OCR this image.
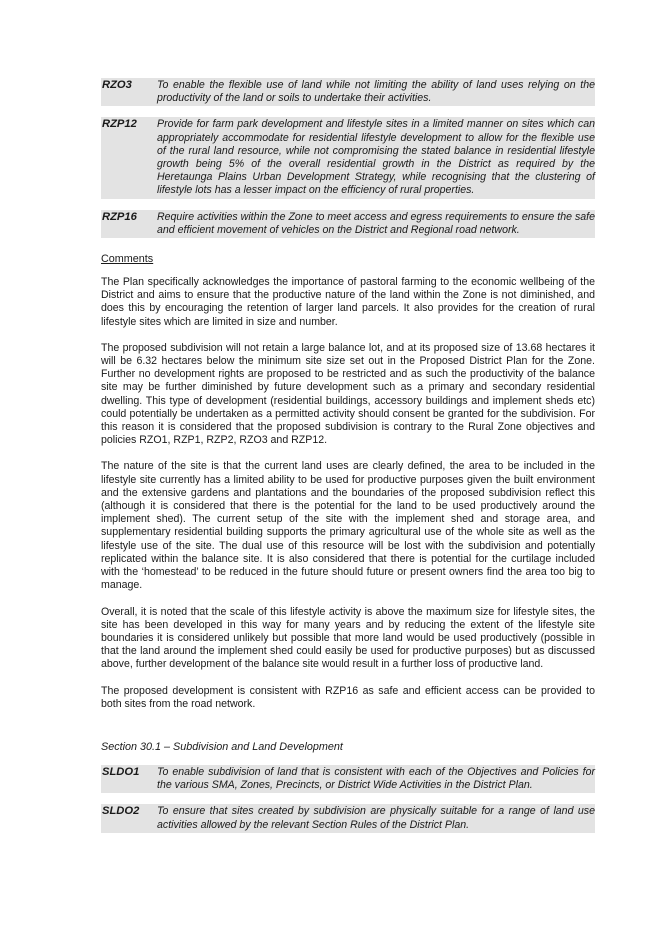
RZO3	To enable the flexible use of land while not limiting the ability of land uses relying on the productivity of the land or soils to undertake their activities.
RZP12	Provide for farm park development and lifestyle sites in a limited manner on sites which can appropriately accommodate for residential lifestyle development to allow for the flexible use of the rural land resource, while not compromising the stated balance in residential lifestyle growth being 5% of the overall residential growth in the District as required by the Heretaunga Plains Urban Development Strategy, while recognising that the clustering of lifestyle lots has a lesser impact on the efficiency of rural properties.
RZP16	Require activities within the Zone to meet access and egress requirements to ensure the safe and efficient movement of vehicles on the District and Regional road network.
Comments

The Plan specifically acknowledges the importance of pastoral farming to the economic wellbeing of the District and aims to ensure that the productive nature of the land within the Zone is not diminished, and does this by encouraging the retention of larger land parcels. It also provides for the creation of rural lifestyle sites which are limited in size and number.

The proposed subdivision will not retain a large balance lot, and at its proposed size of 13.68 hectares it will be 6.32 hectares below the minimum site size set out in the Proposed District Plan for the Zone. Further no development rights are proposed to be restricted and as such the productivity of the balance site may be further diminished by future development such as a primary and secondary residential dwelling. This type of development (residential buildings, accessory buildings and implement sheds etc) could potentially be undertaken as a permitted activity should consent be granted for the subdivision. For this reason it is considered that the proposed subdivision is contrary to the Rural Zone objectives and policies RZO1, RZP1, RZP2, RZO3 and RZP12.

The nature of the site is that the current land uses are clearly defined, the area to be included in the lifestyle site currently has a limited ability to be used for productive purposes given the built environment and the extensive gardens and plantations and the boundaries of the proposed subdivision reflect this (although it is considered that there is the potential for the land to be used productively around the implement shed). The current setup of the site with the implement shed and storage area, and supplementary residential building supports the primary agricultural use of the whole site as well as the lifestyle use of the site. The dual use of this resource will be lost with the subdivision and potentially replicated within the balance site. It is also considered that there is potential for the curtilage included with the ‘homestead’ to be reduced in the future should future or present owners find the area too big to manage.

Overall, it is noted that the scale of this lifestyle activity is above the maximum size for lifestyle sites, the site has been developed in this way for many years and by reducing the extent of the lifestyle site boundaries it is considered unlikely but possible that more land would be used productively (possible in that the land around the implement shed could easily be used for productive purposes) but as discussed above, further development of the balance site would result in a further loss of productive land.

The proposed development is consistent with RZP16 as safe and efficient access can be provided to both sites from the road network.

Section 30.1 – Subdivision and Land Development
SLDO1	To enable subdivision of land that is consistent with each of the Objectives and Policies for the various SMA, Zones, Precincts, or District Wide Activities in the District Plan.
SLDO2	To ensure that sites created by subdivision are physically suitable for a range of land use activities allowed by the relevant Section Rules of the District Plan.
